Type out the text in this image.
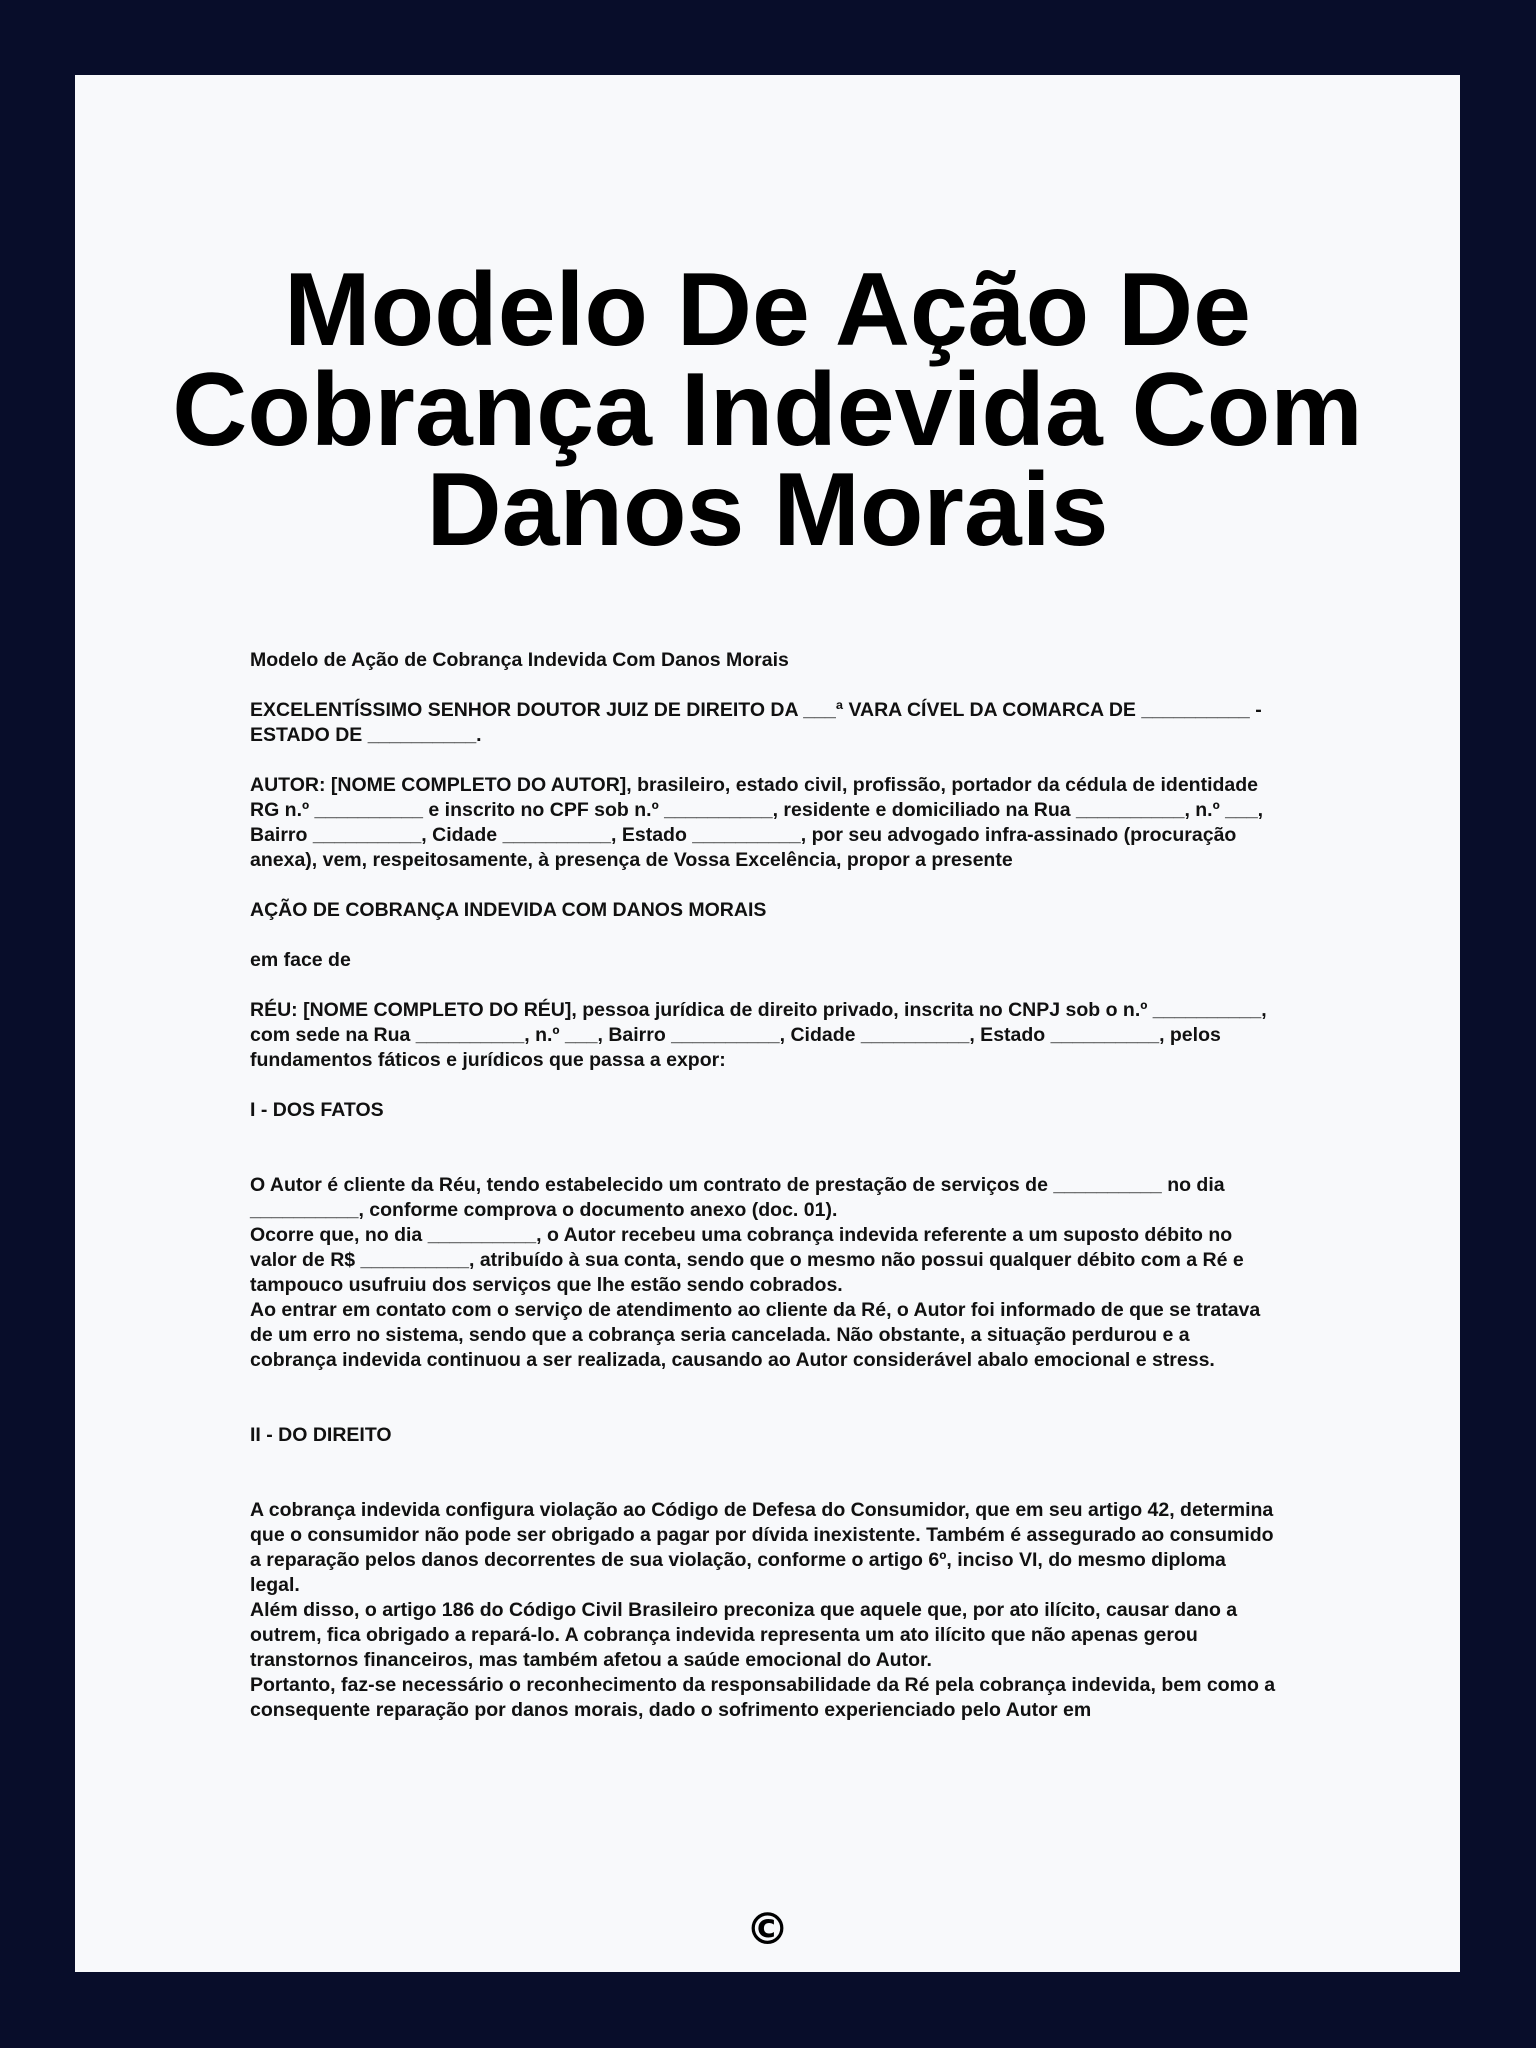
Modelo De Ação De
Cobrança Indevida Com
Danos Morais

Modelo de Ação de Cobrança Indevida Com Danos Morais

EXCELENTÍSSIMO SENHOR DOUTOR JUIZ DE DIREITO DA ___ª VARA CÍVEL DA COMARCA DE __________ - ESTADO DE __________.

AUTOR: [NOME COMPLETO DO AUTOR], brasileiro, estado civil, profissão, portador da cédula de identidade RG n.º __________ e inscrito no CPF sob n.º __________, residente e domiciliado na Rua __________, n.º ___, Bairro __________, Cidade __________, Estado __________, por seu advogado infra-assinado (procuração anexa), vem, respeitosamente, à presença de Vossa Excelência, propor a presente

AÇÃO DE COBRANÇA INDEVIDA COM DANOS MORAIS

em face de

RÉU: [NOME COMPLETO DO RÉU], pessoa jurídica de direito privado, inscrita no CNPJ sob o n.º __________, com sede na Rua __________, n.º ___, Bairro __________, Cidade __________, Estado __________, pelos fundamentos fáticos e jurídicos que passa a expor:

I - DOS FATOS

O Autor é cliente da Réu, tendo estabelecido um contrato de prestação de serviços de __________ no dia __________, conforme comprova o documento anexo (doc. 01).

Ocorre que, no dia __________, o Autor recebeu uma cobrança indevida referente a um suposto débito no valor de R$ __________, atribuído à sua conta, sendo que o mesmo não possui qualquer débito com a Ré e tampouco usufruiu dos serviços que lhe estão sendo cobrados.

Ao entrar em contato com o serviço de atendimento ao cliente da Ré, o Autor foi informado de que se tratava de um erro no sistema, sendo que a cobrança seria cancelada. Não obstante, a situação perdurou e a cobrança indevida continuou a ser realizada, causando ao Autor considerável abalo emocional e stress.

II - DO DIREITO

A cobrança indevida configura violação ao Código de Defesa do Consumidor, que em seu artigo 42, determina que o consumidor não pode ser obrigado a pagar por dívida inexistente. Também é assegurado ao consumido a reparação pelos danos decorrentes de sua violação, conforme o artigo 6º, inciso VI, do mesmo diploma legal.

Além disso, o artigo 186 do Código Civil Brasileiro preconiza que aquele que, por ato ilícito, causar dano a outrem, fica obrigado a repará-lo. A cobrança indevida representa um ato ilícito que não apenas gerou transtornos financeiros, mas também afetou a saúde emocional do Autor.

Portanto, faz-se necessário o reconhecimento da responsabilidade da Ré pela cobrança indevida, bem como a consequente reparação por danos morais, dado o sofrimento experienciado pelo Autor em

©
